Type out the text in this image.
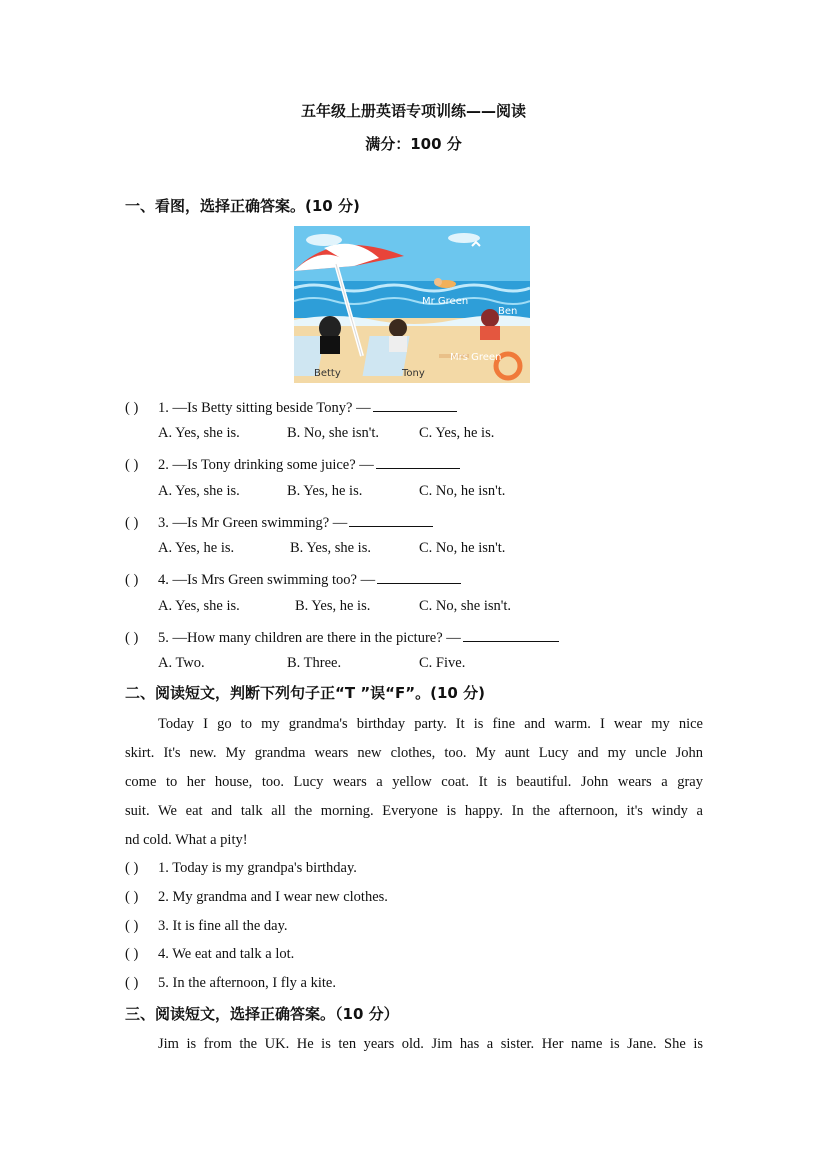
五年级上册英语专项训练——阅读
满分：100 分
一、看图，选择正确答案。(10 分)
Mr Green
Ben
Mrs Green
Betty	Tony
( ) 1. —Is Betty sitting beside Tony? —
A. Yes, she is.	B. No, she isn't.	C. Yes, he is.
( ) 2. —Is Tony drinking some juice? —
A. Yes, she is.	B. Yes, he is.	C. No, he isn't.
( ) 3. —Is Mr Green swimming? —
A. Yes, he is.	B. Yes, she is.	C. No, he isn't.
( ) 4. —Is Mrs Green swimming too? —
A. Yes, she is.	B. Yes, he is.	C. No, she isn't.
( ) 5. —How many children are there in the picture? —
A. Two.	B. Three.	C. Five.
二、阅读短文，判断下列句子正“T ”误“F”。(10 分)
Today I go to my grandma's birthday party. It is fine and warm. I wear my nice
skirt. It's new. My grandma wears new clothes, too. My aunt Lucy and my uncle John
come to her house, too. Lucy wears a yellow coat. It is beautiful. John wears a gray
suit. We eat and talk all the morning. Everyone is happy. In the afternoon, it's windy a
nd cold. What a pity!
( ) 1. Today is my grandpa's birthday.
( ) 2. My grandma and I wear new clothes.
( ) 3. It is fine all the day.
( ) 4. We eat and talk a lot.
( ) 5. In the afternoon, I fly a kite.
三、阅读短文，选择正确答案。（10 分）
Jim is from the UK. He is ten years old. Jim has a sister. Her name is Jane. She is
